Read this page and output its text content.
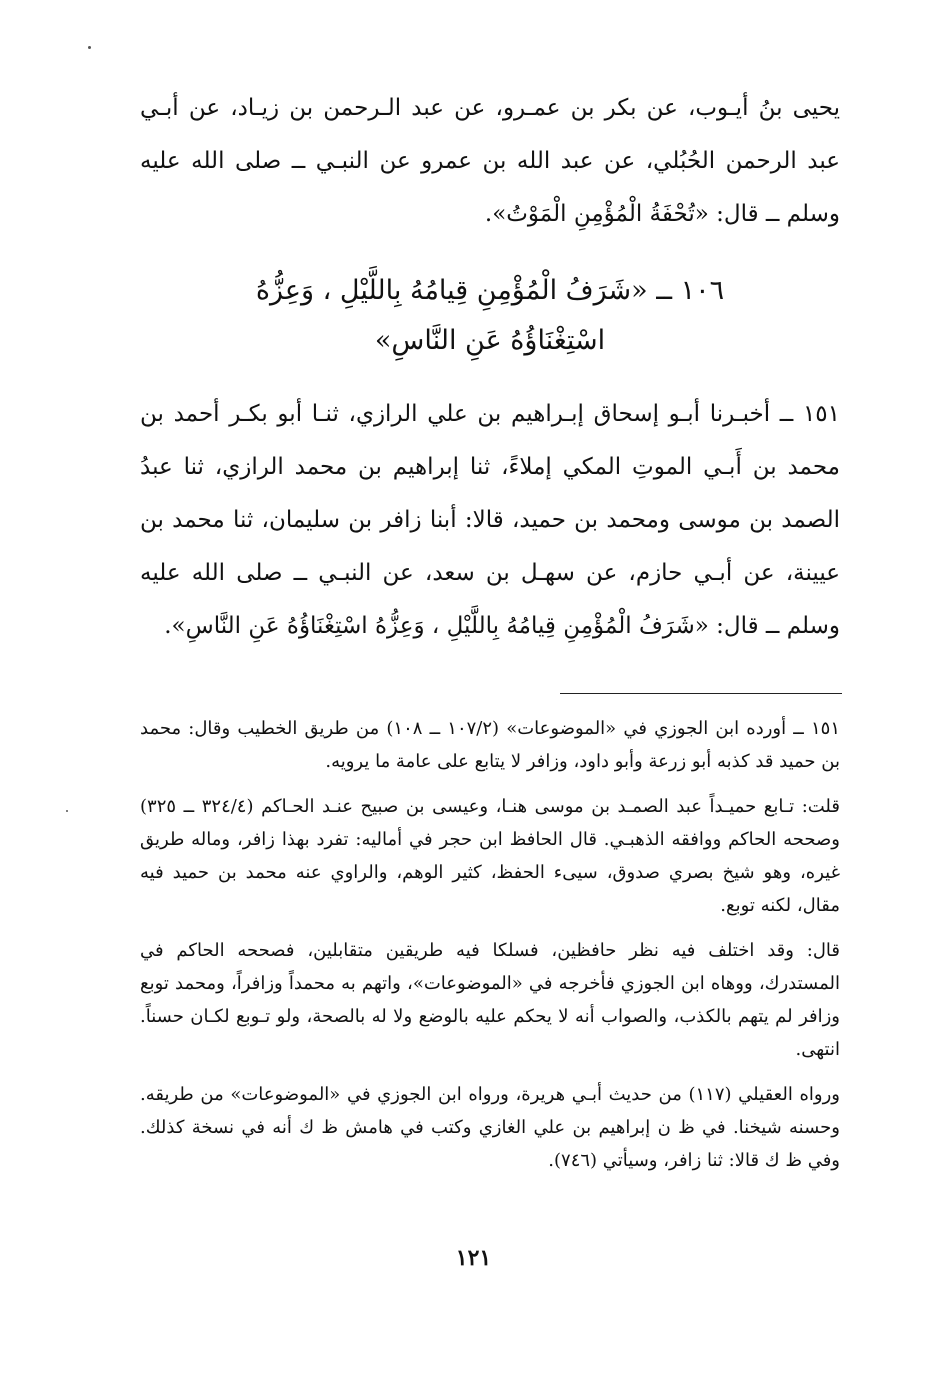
يحيى بنُ أيـوب، عن بكر بن عمـرو، عن عبد الـرحمن بن زيـاد، عن أبـي عبد الرحمن الحُبُلي، عن عبد الله بن عمرو عن النبـي ــ صلى الله عليه وسلم ــ قال: «تُحْفَةُ الْمُؤْمِنِ الْمَوْتُ».

١٠٦ ــ «شَرَفُ الْمُؤْمِنِ قِيامُهُ بِاللَّيْلِ ، وَعِزُّهُ

اسْتِغْنَاؤُهُ عَنِ النَّاسِ»

١٥١ ــ أخبـرنا أبـو إسحاق إبـراهيم بن علي الرازي، ثنـا أبو بكـر أحمد بن محمد بن أَبـي الموتِ المكي إملاءً، ثنا إبراهيم بن محمد الرازي، ثنا عبدُ الصمد بن موسى ومحمد بن حميد، قالا: أبنا زافر بن سليمان، ثنا محمد بن عيينة، عن أبـي حازم، عن سهـل بن سعد، عن النبـي ــ صلى الله عليه وسلم ــ قال: «شَرَفُ الْمُؤْمِنِ قِيامُهُ بِاللَّيْلِ ، وَعِزُّهُ اسْتِغْنَاؤُهُ عَنِ النَّاسِ».

١٥١ ــ أورده ابن الجوزي في «الموضوعات» (١٠٧/٢ ــ ١٠٨) من طريق الخطيب وقال: محمد بن حميد قد كذبه أبو زرعة وأبو داود، وزافر لا يتابع على عامة ما يرويه.

قلت: تـابع حميـداً عبد الصمـد بن موسى هنـا، وعيسى بن صبيح عنـد الحـاكم (٣٢٤/٤ ــ ٣٢٥) وصححه الحاكم ووافقه الذهبـي. قال الحافظ ابن حجر في أماليه: تفرد بهذا زافر، وماله طريق غيره، وهو شيخ بصري صدوق، سيىء الحفظ، كثير الوهم، والراوي عنه محمد بن حميد فيه مقال، لكنه توبع.

قال: وقد اختلف فيه نظر حافظين، فسلكا فيه طريقين متقابلين، فصححه الحاكم في المستدرك، ووهاه ابن الجوزي فأخرجه في «الموضوعات»، واتهم به محمداً وزافراً، ومحمد توبع وزافر لم يتهم بالكذب، والصواب أنه لا يحكم عليه بالوضع ولا له بالصحة، ولو تـوبع لكـان حسناً. انتهى.

ورواه العقيلي (١١٧) من حديث أبـي هريرة، ورواه ابن الجوزي في «الموضوعات» من طريقه. وحسنه شيخنا. في ظ ن إبراهيم بن علي الغازي وكتب في هامش ظ ك أنه في نسخة كذلك. وفي ظ ك قالا: ثنا زافر، وسيأتي (٧٤٦).

١٢١
